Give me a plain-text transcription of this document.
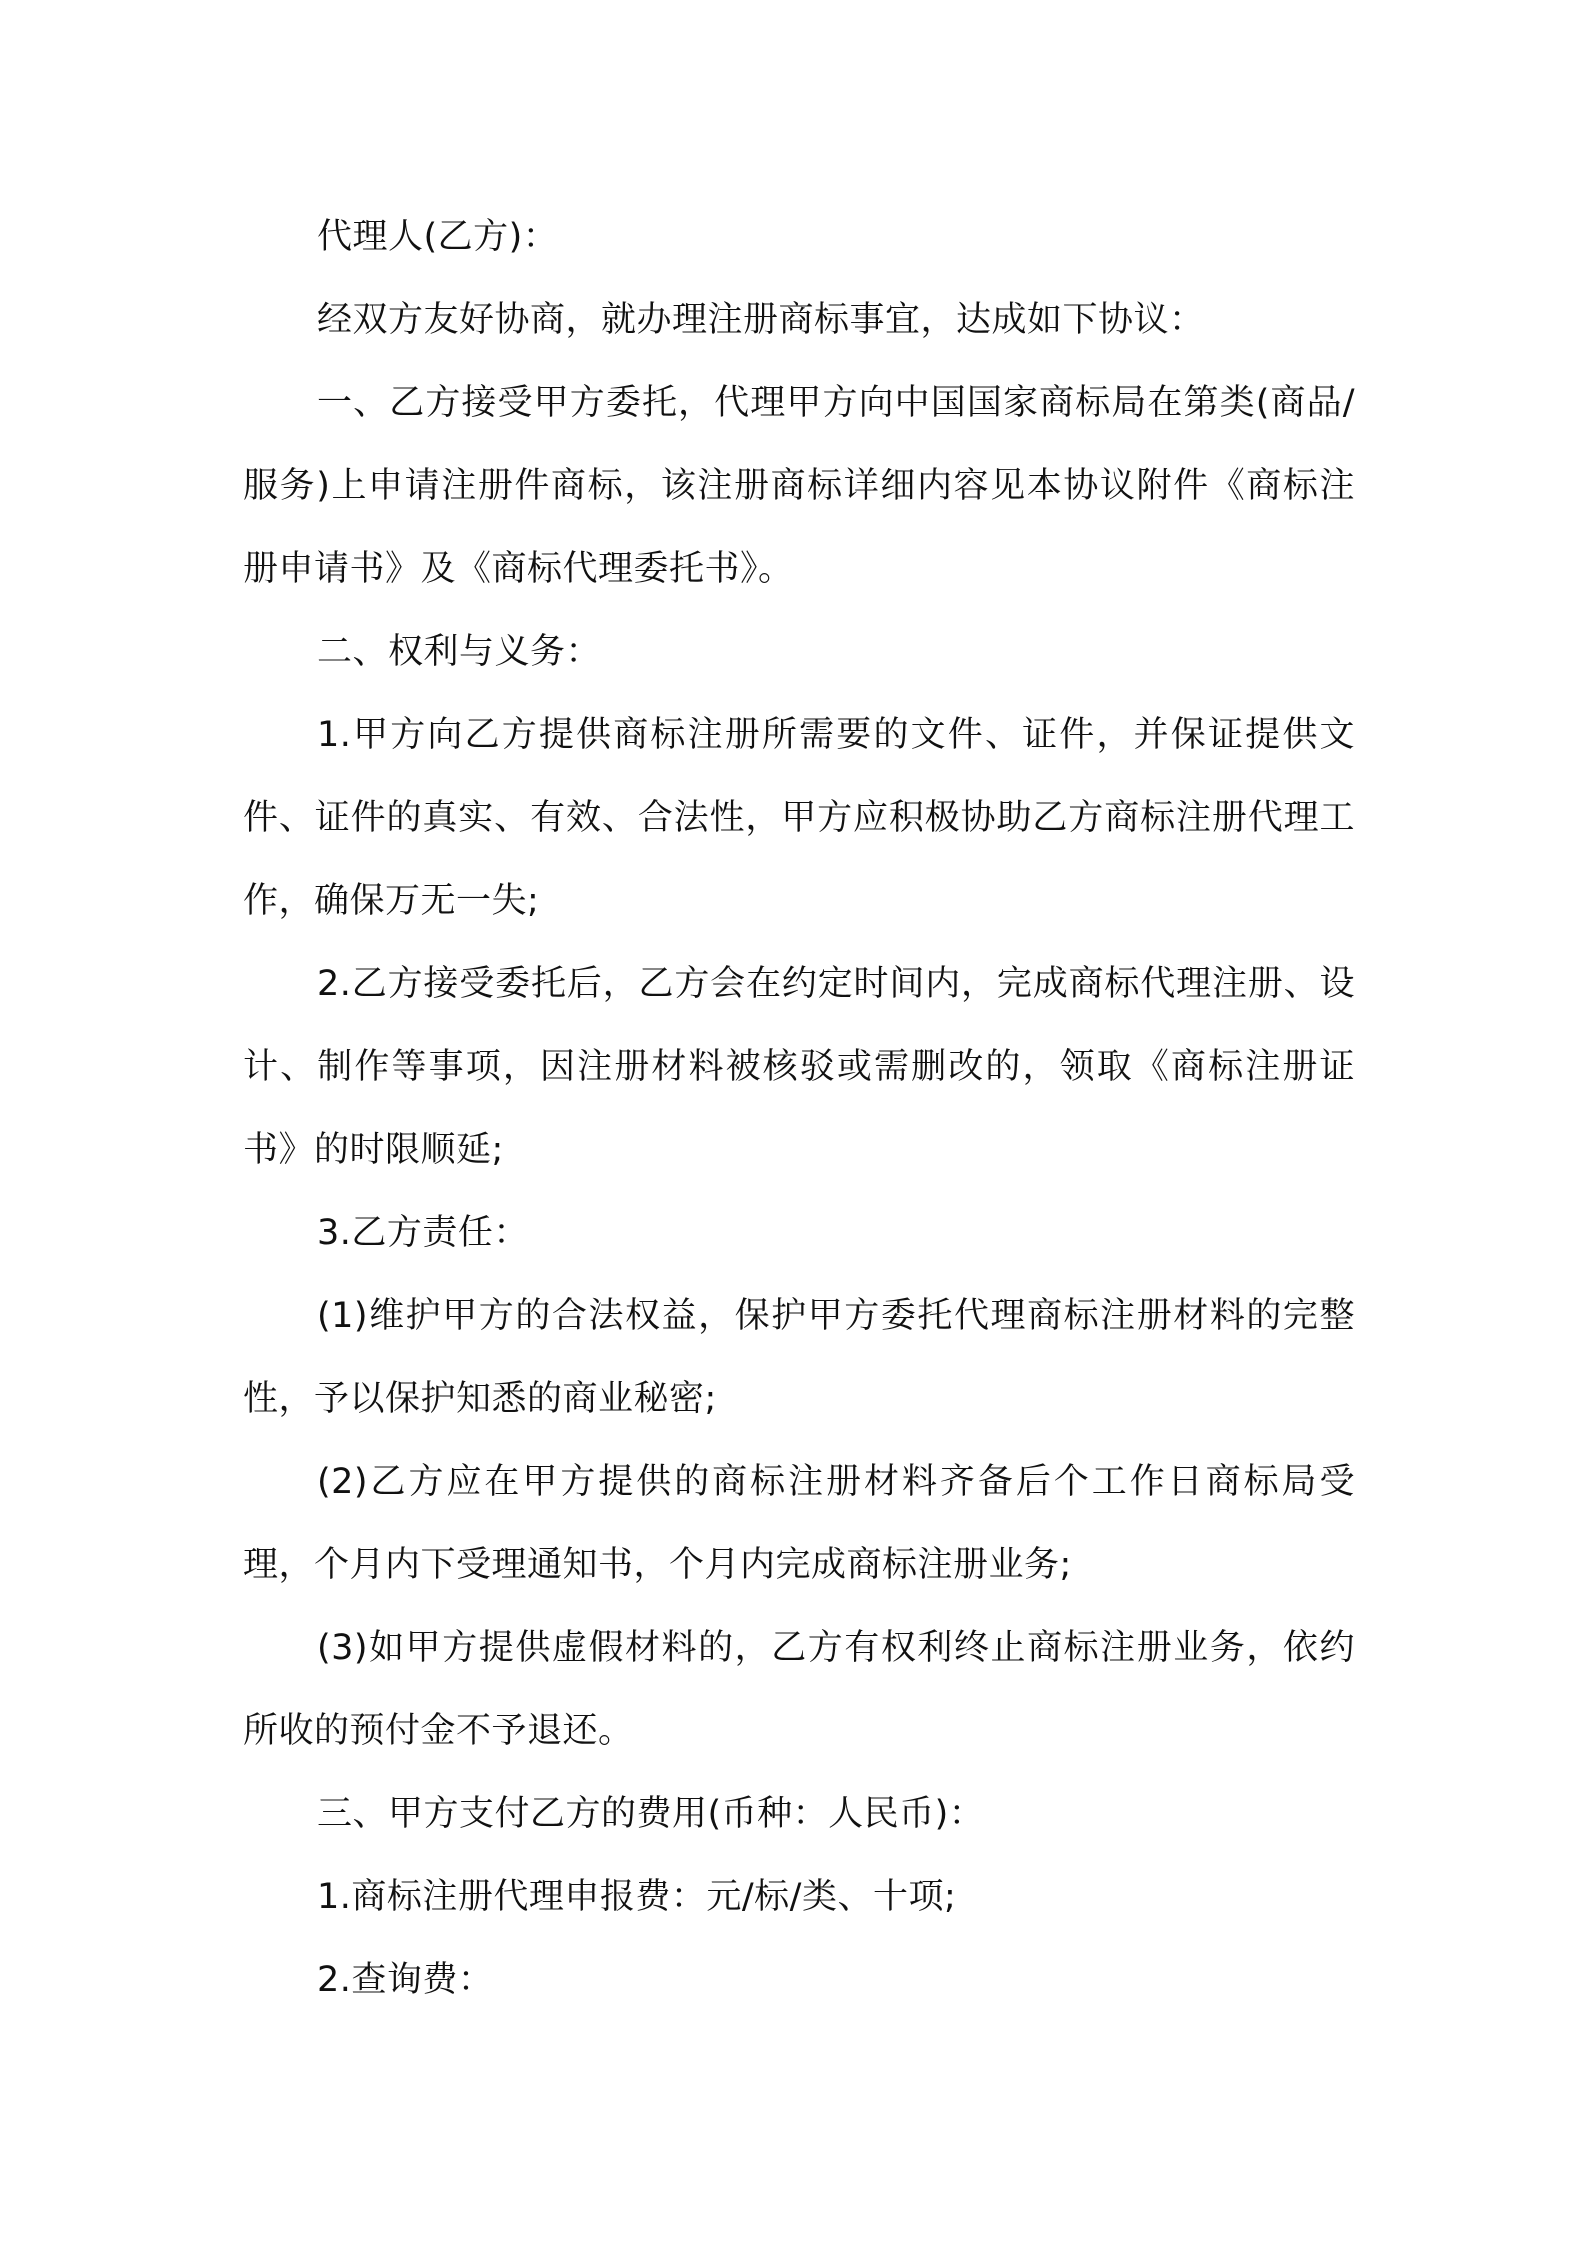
代理人(乙方)：

经双方友好协商，就办理注册商标事宜，达成如下协议：

一、乙方接受甲方委托，代理甲方向中国国家商标局在第类(商品/服务)上申请注册件商标，该注册商标详细内容见本协议附件《商标注册申请书》及《商标代理委托书》。

二、权利与义务：

1.甲方向乙方提供商标注册所需要的文件、证件，并保证提供文件、证件的真实、有效、合法性，甲方应积极协助乙方商标注册代理工作，确保万无一失;

2.乙方接受委托后，乙方会在约定时间内，完成商标代理注册、设计、制作等事项，因注册材料被核驳或需删改的，领取《商标注册证书》的时限顺延;

3.乙方责任：

(1)维护甲方的合法权益，保护甲方委托代理商标注册材料的完整性，予以保护知悉的商业秘密;

(2)乙方应在甲方提供的商标注册材料齐备后个工作日商标局受理，个月内下受理通知书，个月内完成商标注册业务;

(3)如甲方提供虚假材料的，乙方有权利终止商标注册业务，依约所收的预付金不予退还。

三、甲方支付乙方的费用(币种：人民币)：

1.商标注册代理申报费：元/标/类、十项;

2.查询费：
